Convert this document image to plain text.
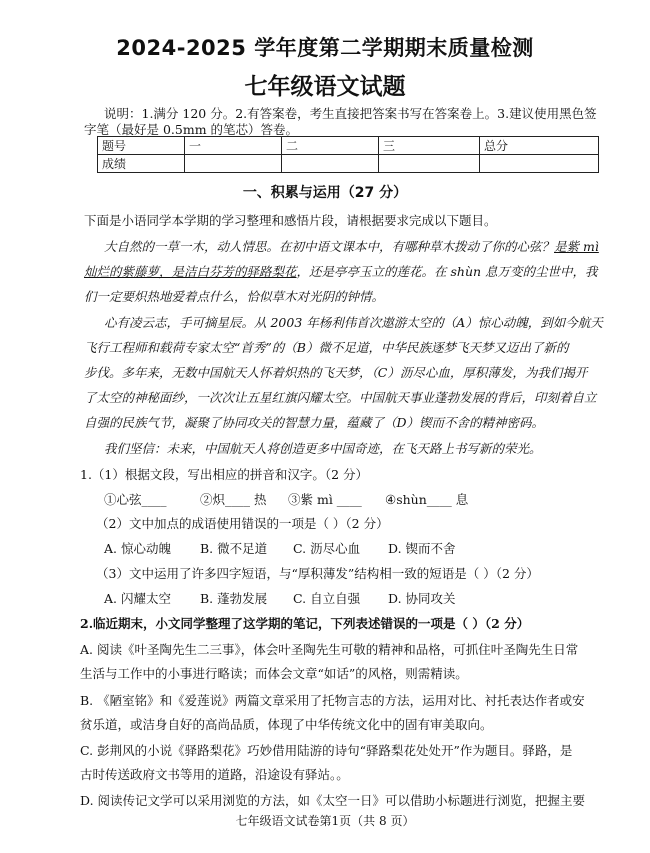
2024-2025 学年度第二学期期末质量检测
七年级语文试题
说明：1.满分 120 分。2.有答案卷，考生直接把答案书写在答案卷上。3.建议使用黑色签
字笔（最好是 0.5mm 的笔芯）答卷。
题号	一	二	三	总分
成绩				
一、积累与运用（27 分）
下面是小语同学本学期的学习整理和感悟片段，请根据要求完成以下题目。
大自然的一草一木，动人情思。在初中语文课本中，有哪种草木拨动了你的心弦？是紫 mì
灿烂的紫藤萝，是洁白芬芳的驿路梨花，还是亭亭玉立的莲花。在 shùn 息万变的尘世中，我
们一定要炽热地爱着点什么，恰似草木对光阴的钟情。
心有凌云志，手可摘星辰。从 2003 年杨利伟首次遨游太空的（A）惊心动魄，到如今航天
飞行工程师和载荷专家太空“首秀”的（B）微不足道，中华民族逐梦飞天梦又迈出了新的
步伐。多年来，无数中国航天人怀着炽热的飞天梦，（C）沥尽心血，厚积薄发，为我们揭开
了太空的神秘面纱，一次次让五星红旗闪耀太空。中国航天事业蓬勃发展的背后，印刻着自立
自强的民族气节，凝聚了协同攻关的智慧力量，蕴藏了（D）锲而不舍的精神密码。
我们坚信：未来，中国航天人将创造更多中国奇迹，在飞天路上书写新的荣光。
1.（1）根据文段，写出相应的拼音和汉字。（2 分）
①心弦____	②炽____ 热 ③紫 mì ____ ④shùn____ 息
（2）文中加点的成语使用错误的一项是（ ）（2 分）
A. 惊心动魄 B. 微不足道 C. 沥尽心血 D. 锲而不舍
（3）文中运用了许多四字短语，与“厚积薄发”结构相一致的短语是（ ）（2 分）
A. 闪耀太空 B. 蓬勃发展 C. 自立自强 D. 协同攻关
2.临近期末，小文同学整理了这学期的笔记，下列表述错误的一项是（ ）（2 分）
A. 阅读《叶圣陶先生二三事》，体会叶圣陶先生可敬的精神和品格，可抓住叶圣陶先生日常
生活与工作中的小事进行略读；而体会文章“如话”的风格，则需精读。
B. 《陋室铭》和《爱莲说》两篇文章采用了托物言志的方法，运用对比、衬托表达作者或安
贫乐道，或洁身自好的高尚品质，体现了中华传统文化中的固有审美取向。
C. 彭荆风的小说《驿路梨花》巧妙借用陆游的诗句“驿路梨花处处开”作为题目。驿路，是
古时传送政府文书等用的道路，沿途设有驿站。。
D. 阅读传记文学可以采用浏览的方法，如《太空一日》可以借助小标题进行浏览，把握主要
七年级语文试卷第1页（共 8 页）
